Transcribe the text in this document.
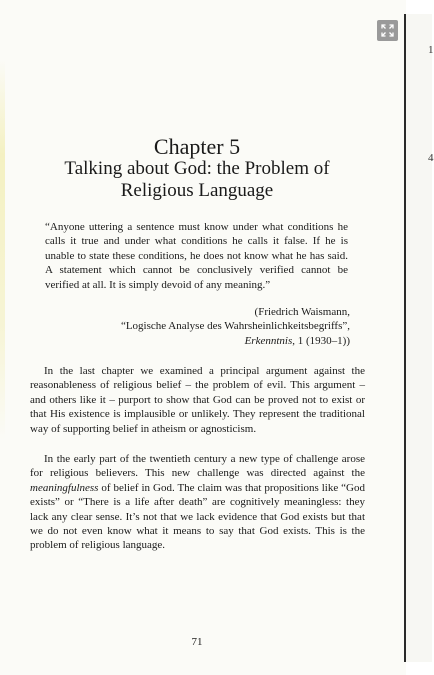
Chapter 5
Talking about God: the Problem of
Religious Language

“Anyone uttering a sentence must know under what conditions he calls it true and under what conditions he calls it false. If he is unable to state these conditions, he does not know what he has said. A statement which cannot be conclusively verified cannot be verified at all. It is simply devoid of any meaning.”

(Friedrich Waismann,
“Logische Analyse des Wahrsheinlichkeitsbegriffs”,
Erkenntnis, 1 (1930–1))

In the last chapter we examined a principal argument against the reasonableness of religious belief – the problem of evil. This argument – and others like it – purport to show that God can be proved not to exist or that His existence is implausible or unlikely. They represent the traditional way of supporting belief in atheism or agnosticism.

In the early part of the twentieth century a new type of challenge arose for religious believers. This new challenge was directed against the meaningfulness of belief in God. The claim was that propositions like “God exists” or “There is a life after death” are cognitively meaningless: they lack any clear sense. It’s not that we lack evidence that God exists but that we do not even know what it means to say that God exists. This is the problem of religious language.

71
1
4
